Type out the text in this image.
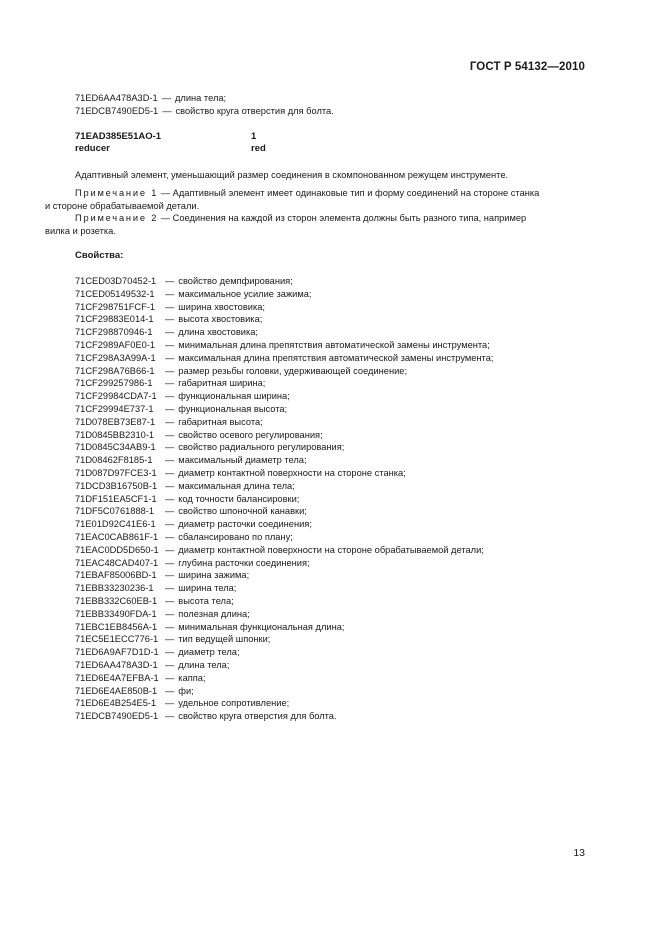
ГОСТ Р 54132—2010
71ED6AA478A3D-1 — длина тела;
71EDCB7490ED5-1 — свойство круга отверстия для болта.
71EAD385E51AO-1	1
reducer	red
Адаптивный элемент, уменьшающий размер соединения в скомпонованном режущем инструменте.
Примечание 1 — Адаптивный элемент имеет одинаковые тип и форму соединений на стороне станка
и стороне обрабатываемой детали.
Примечание 2 — Соединения на каждой из сторон элемента должны быть разного типа, например
вилка и розетка.
Свойства:
71CED03D70452-1 — свойство демпфирования;
71CED05149532-1 — максимальное усилие зажима;
71CF298751FCF-1 — ширина хвостовика;
71CF29883E014-1 — высота хвостовика;
71CF298870946-1 — длина хвостовика;
71CF2989AF0E0-1 — минимальная длина препятствия автоматической замены инструмента;
71CF298A3A99A-1 — максимальная длина препятствия автоматической замены инструмента;
71CF298A76B66-1 — размер резьбы головки, удерживающей соединение;
71CF299257986-1 — габаритная ширина;
71CF29984CDA7-1 — функциональная ширина;
71CF29994E737-1 — функциональная высота;
71D078EB73E87-1 — габаритная высота;
71D0845BB2310-1 — свойство осевого регулирования;
71D0845C34AB9-1 — свойство радиального регулирования;
71D08462F8185-1 — максимальный диаметр тела;
71D087D97FCE3-1 — диаметр контактной поверхности на стороне станка;
71DCD3B16750B-1 — максимальная длина тела;
71DF151EA5CF1-1 — код точности балансировки;
71DF5C0761888-1 — свойство шпоночной канавки;
71E01D92C41E6-1 — диаметр расточки соединения;
71EAC0CAB861F-1 — сбалансировано по плану;
71EAC0DD5D650-1 — диаметр контактной поверхности на стороне обрабатываемой детали;
71EAC48CAD407-1 — глубина расточки соединения;
71EBAF85006BD-1 — ширина зажима;
71EBB33230236-1 — ширина тела;
71EBB332C60EB-1 — высота тела;
71EBB33490FDA-1 — полезная длина;
71EBC1EB8456A-1 — минимальная функциональная длина;
71EC5E1ECC776-1 — тип ведущей шпонки;
71ED6A9AF7D1D-1 — диаметр тела;
71ED6AA478A3D-1 — длина тела;
71ED6E4A7EFBA-1 — каппа;
71ED6E4AE850B-1 — фи;
71ED6E4B254E5-1 — удельное сопротивление;
71EDCB7490ED5-1 — свойство круга отверстия для болта.
13
